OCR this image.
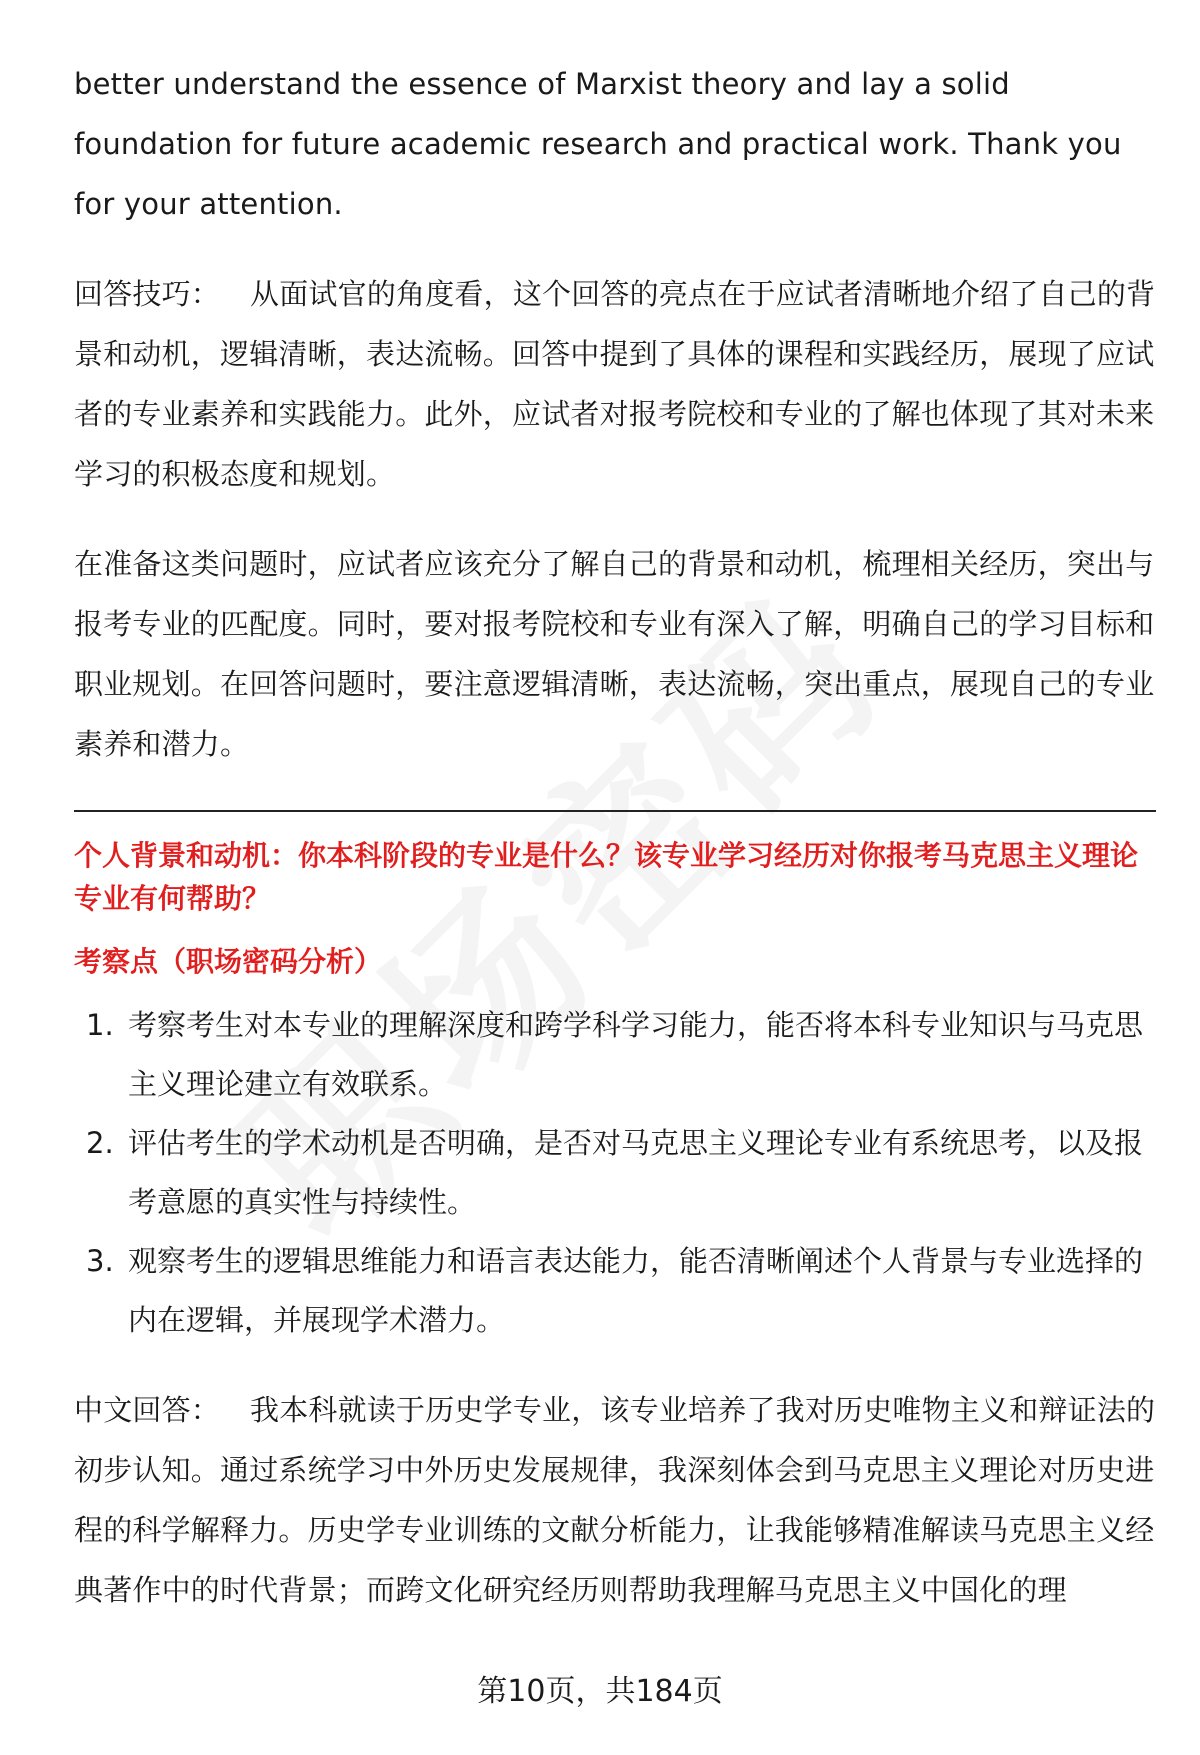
better understand the essence of Marxist theory and lay a solid foundation for future academic research and practical work. Thank you for your attention.

回答技巧： 从面试官的角度看，这个回答的亮点在于应试者清晰地介绍了自己的背景和动机，逻辑清晰，表达流畅。回答中提到了具体的课程和实践经历，展现了应试者的专业素养和实践能力。此外，应试者对报考院校和专业的了解也体现了其对未来学习的积极态度和规划。

在准备这类问题时，应试者应该充分了解自己的背景和动机，梳理相关经历，突出与报考专业的匹配度。同时，要对报考院校和专业有深入了解，明确自己的学习目标和职业规划。在回答问题时，要注意逻辑清晰，表达流畅，突出重点，展现自己的专业素养和潜力。

个人背景和动机：你本科阶段的专业是什么？该专业学习经历对你报考马克思主义理论专业有何帮助？

考察点（职场密码分析）

1. 考察考生对本专业的理解深度和跨学科学习能力，能否将本科专业知识与马克思主义理论建立有效联系。
2. 评估考生的学术动机是否明确，是否对马克思主义理论专业有系统思考，以及报考意愿的真实性与持续性。
3. 观察考生的逻辑思维能力和语言表达能力，能否清晰阐述个人背景与专业选择的内在逻辑，并展现学术潜力。

中文回答： 我本科就读于历史学专业，该专业培养了我对历史唯物主义和辩证法的初步认知。通过系统学习中外历史发展规律，我深刻体会到马克思主义理论对历史进程的科学解释力。历史学专业训练的文献分析能力，让我能够精准解读马克思主义经典著作中的时代背景；而跨文化研究经历则帮助我理解马克思主义中国化的理

第10页，共184页
